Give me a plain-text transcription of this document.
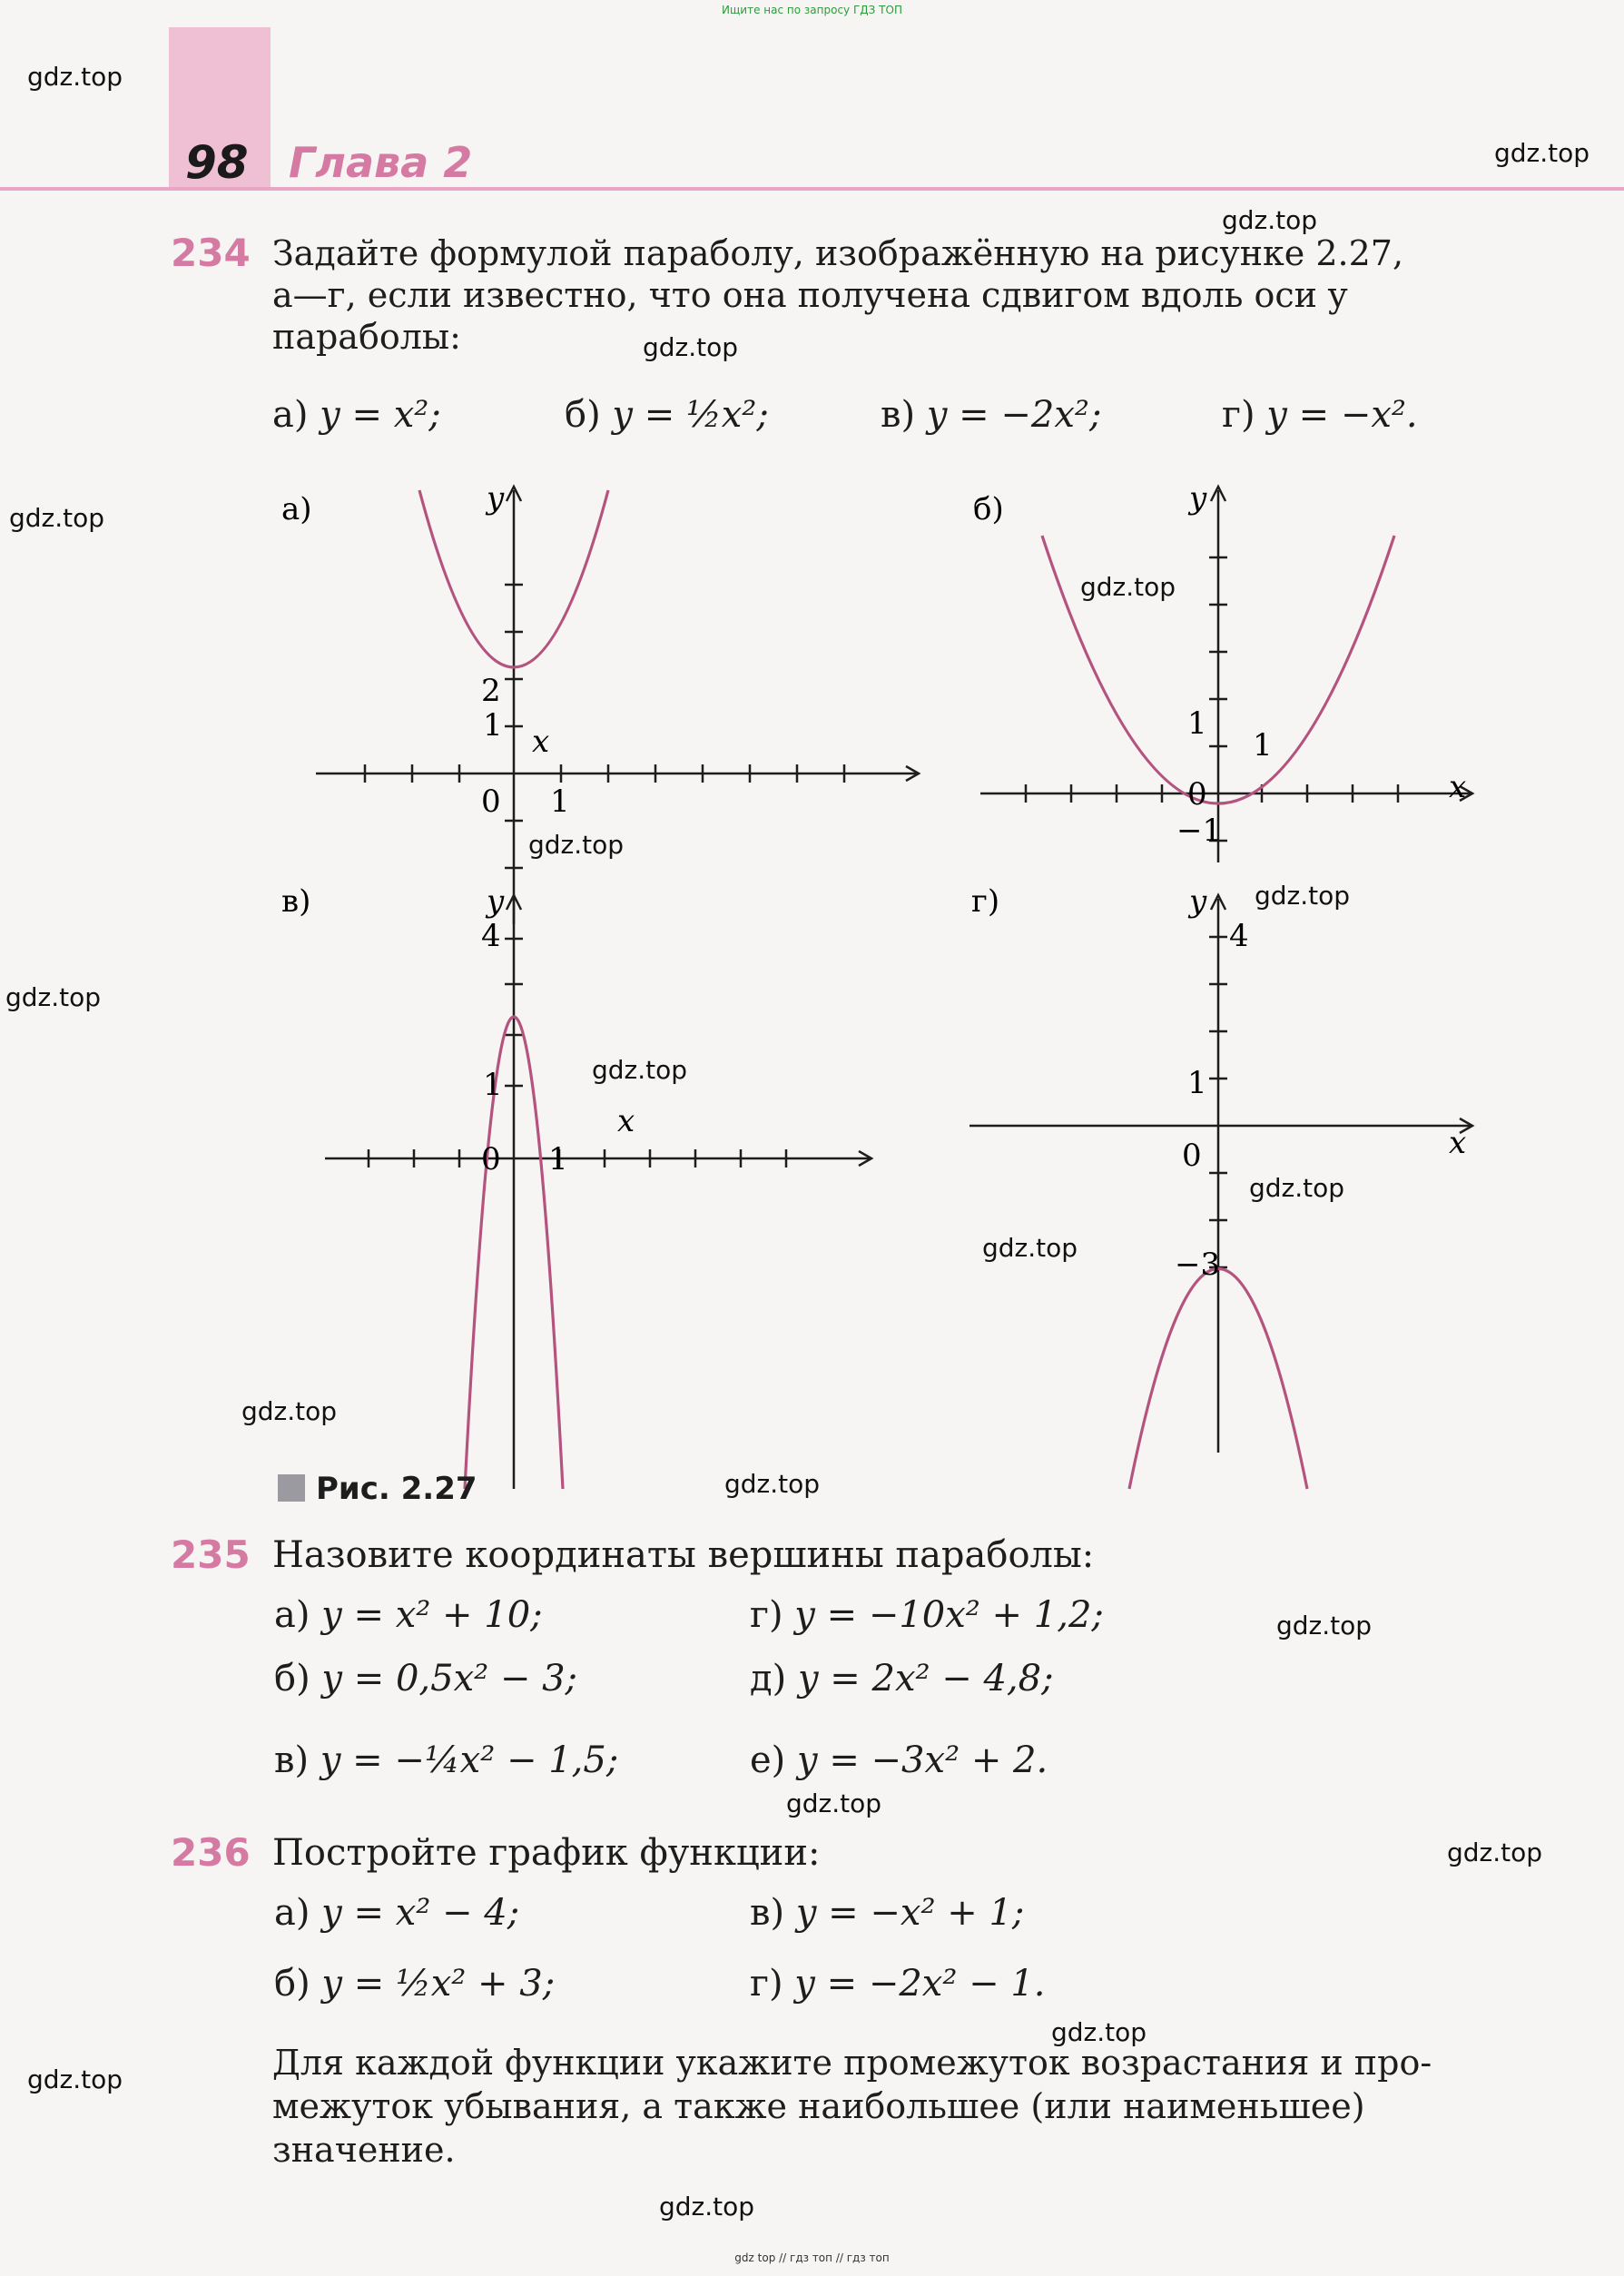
Ищите нас по запросу ГДЗ ТОП
gdz top // гдз топ // гдз топ
98 Глава 2
gdz.top
gdz.top
gdz.top
gdz.top
gdz.top
gdz.top
gdz.top
gdz.top
gdz.top
gdz.top
gdz.top
gdz.top
gdz.top
gdz.top
gdz.top
gdz.top
gdz.top
gdz.top
gdz.top
gdz.top
234 Задайте формулой параболу, изображённую на рисунке 2.27,
а—г, если известно, что она получена сдвигом вдоль оси y
параболы:
а) y = x²;	б) y = ½x²;	в) y = −2x²;	г) y = −x².
а)	б)
в)	г)
y
x
y
x
y
x
y
x
2
1
0 1
1
1
0
−1
4
1
0 1
4
1
0
−3
Рис. 2.27
235 Назовите координаты вершины параболы:
а) y = x² + 10;
б) y = 0,5x² − 3;
в) y = −¼x² − 1,5;
г) y = −10x² + 1,2;
д) y = 2x² − 4,8;
е) y = −3x² + 2.
236 Постройте график функции:
а) y = x² − 4;
б) y = ½x² + 3;
в) y = −x² + 1;
г) y = −2x² − 1.
Для каждой функции укажите промежуток возрастания и про-
межуток убывания, а также наибольшее (или наименьшее)
значение.
